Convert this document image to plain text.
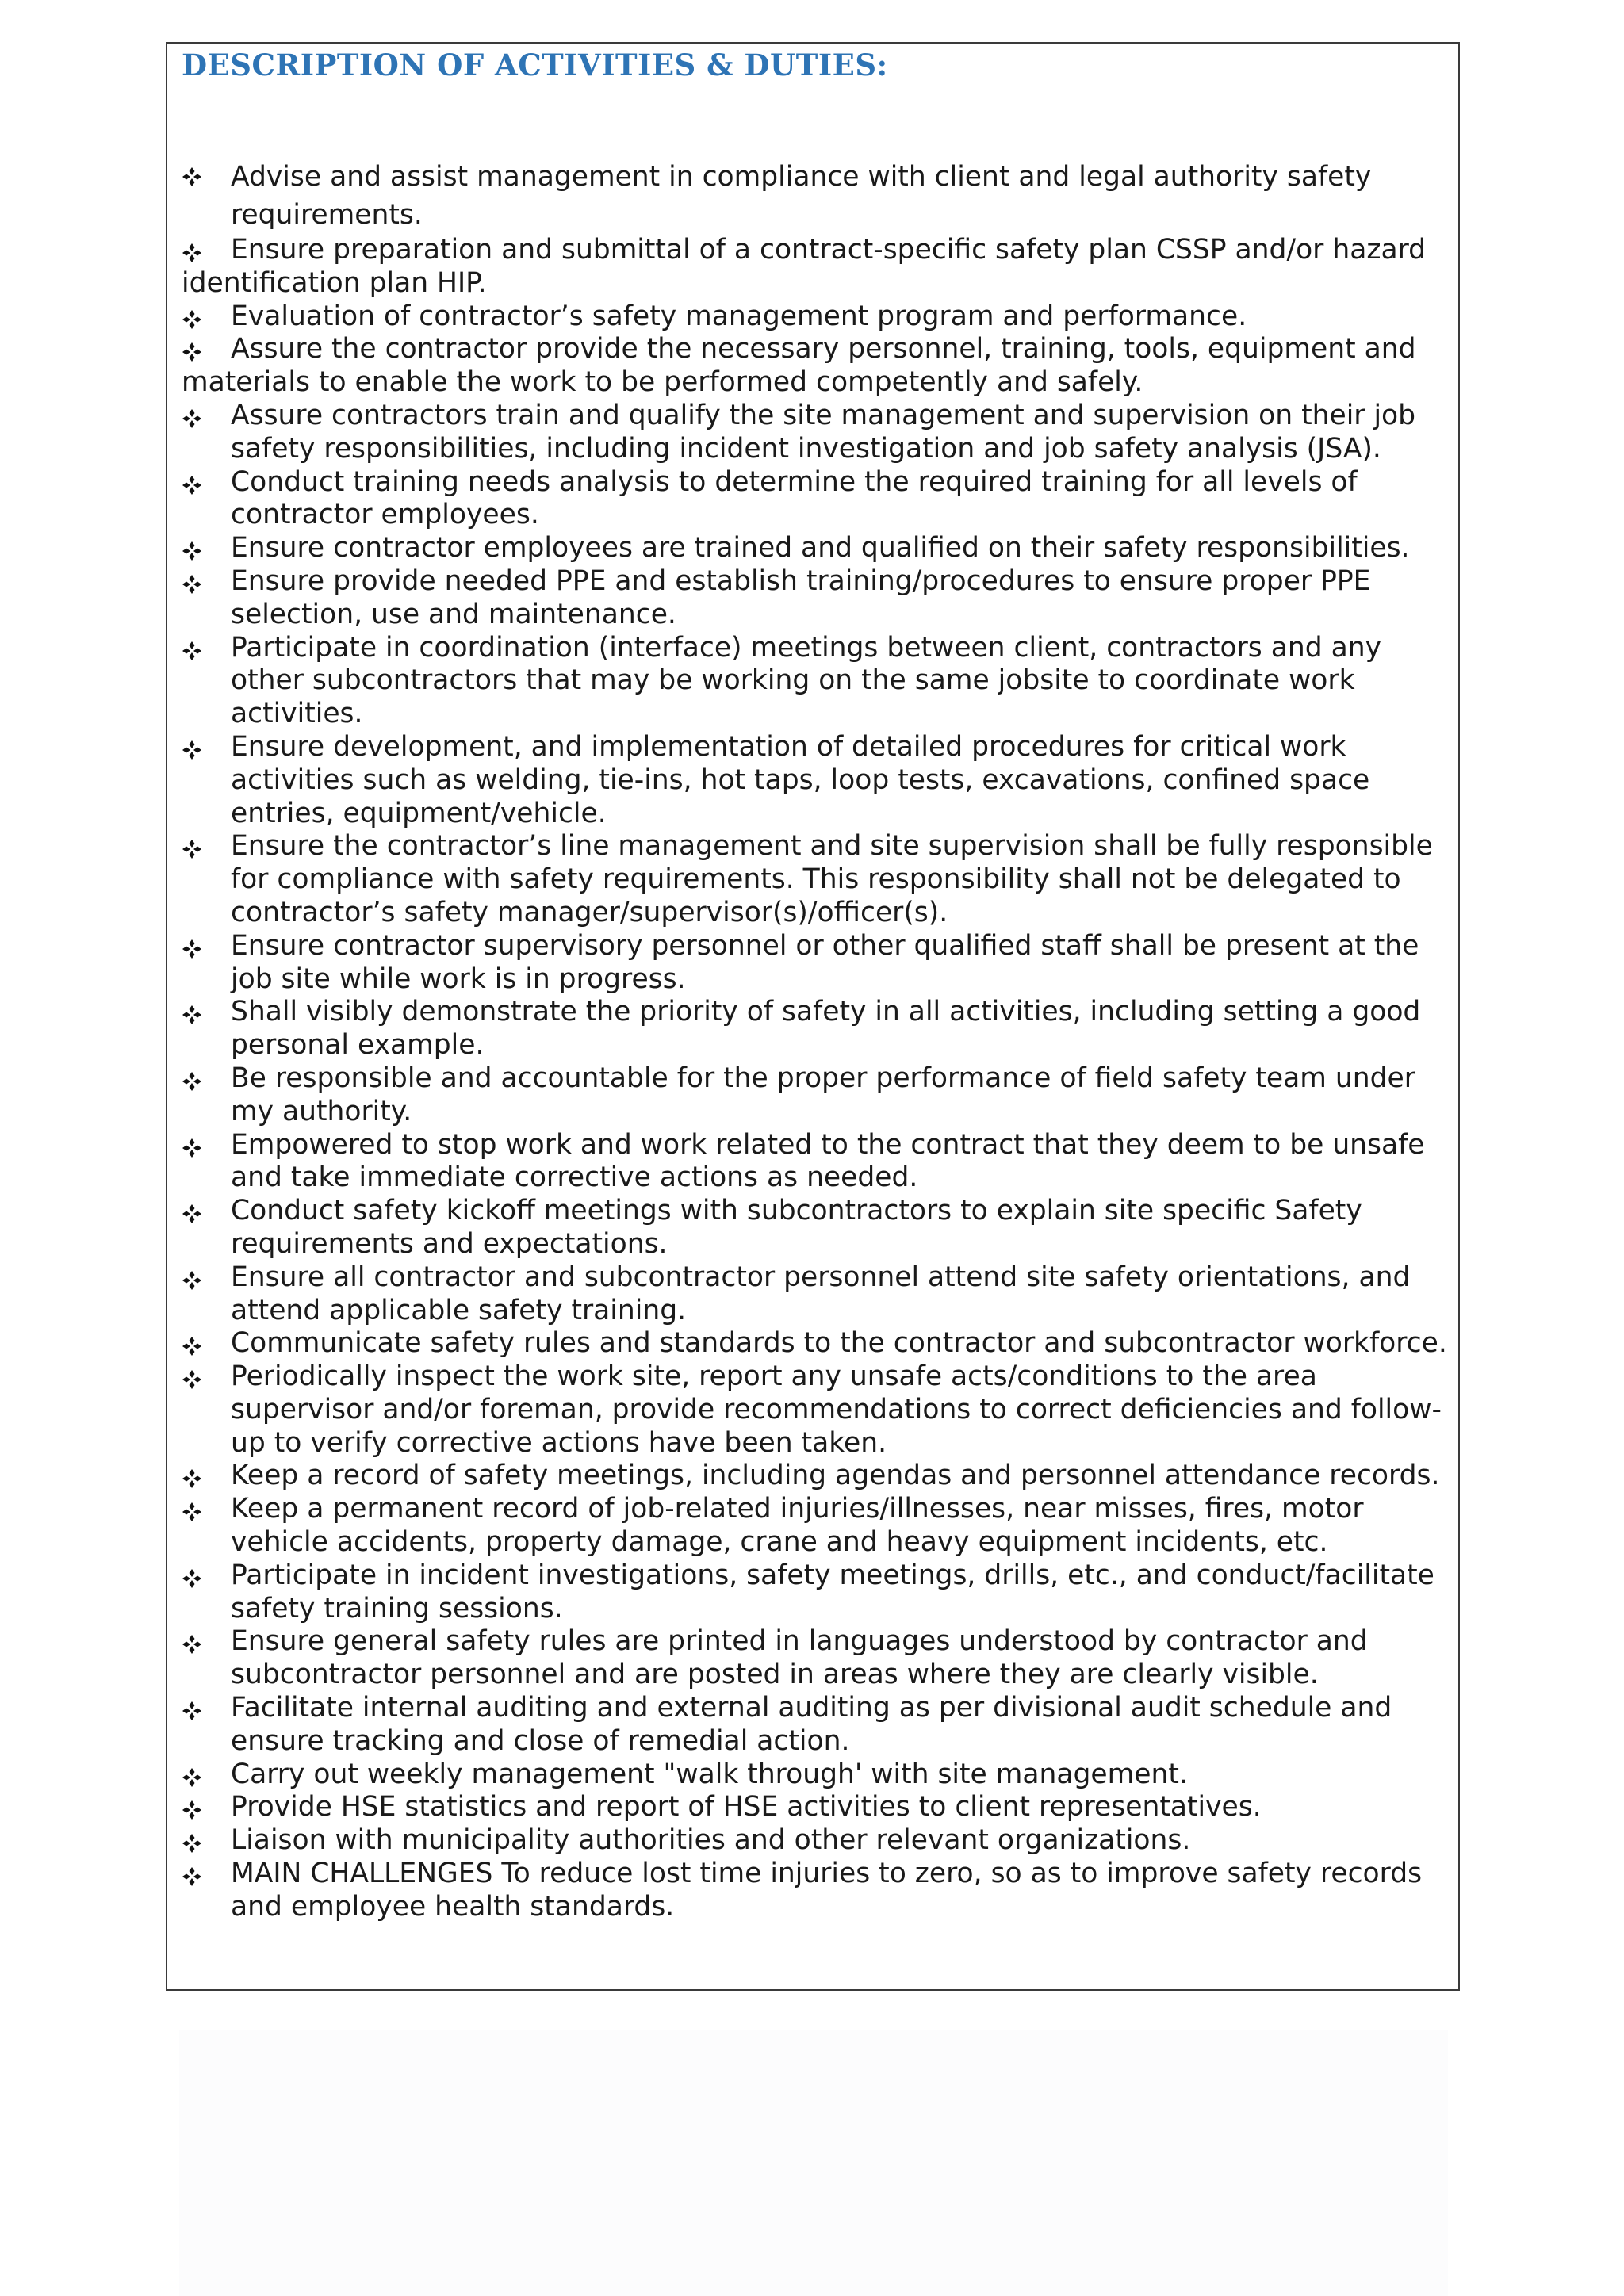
DESCRIPTION OF ACTIVITIES & DUTIES:
Advise and assist management in compliance with client and legal authority safety requirements.
Ensure preparation and submittal of a contract-specific safety plan CSSP and/or hazard identification plan HIP.
Evaluation of contractor’s safety management program and performance.
Assure the contractor provide the necessary personnel, training, tools, equipment and materials to enable the work to be performed competently and safely.
Assure contractors train and qualify the site management and supervision on their job safety responsibilities, including incident investigation and job safety analysis (JSA).
Conduct training needs analysis to determine the required training for all levels of contractor employees.
Ensure contractor employees are trained and qualified on their safety responsibilities.
Ensure provide needed PPE and establish training/procedures to ensure proper PPE selection, use and maintenance.
Participate in coordination (interface) meetings between client, contractors and any other subcontractors that may be working on the same jobsite to coordinate work activities.
Ensure development, and implementation of detailed procedures for critical work activities such as welding, tie-ins, hot taps, loop tests, excavations, confined space entries, equipment/vehicle.
Ensure the contractor’s line management and site supervision shall be fully responsible for compliance with safety requirements. This responsibility shall not be delegated to contractor’s safety manager/supervisor(s)/officer(s).
Ensure contractor supervisory personnel or other qualified staff shall be present at the job site while work is in progress.
Shall visibly demonstrate the priority of safety in all activities, including setting a good personal example.
Be responsible and accountable for the proper performance of field safety team under my authority.
Empowered to stop work and work related to the contract that they deem to be unsafe and take immediate corrective actions as needed.
Conduct safety kickoff meetings with subcontractors to explain site specific Safety requirements and expectations.
Ensure all contractor and subcontractor personnel attend site safety orientations, and attend applicable safety training.
Communicate safety rules and standards to the contractor and subcontractor workforce.
Periodically inspect the work site, report any unsafe acts/conditions to the area supervisor and/or foreman, provide recommendations to correct deficiencies and follow-up to verify corrective actions have been taken.
Keep a record of safety meetings, including agendas and personnel attendance records.
Keep a permanent record of job-related injuries/illnesses, near misses, fires, motor vehicle accidents, property damage, crane and heavy equipment incidents, etc.
Participate in incident investigations, safety meetings, drills, etc., and conduct/facilitate safety training sessions.
Ensure general safety rules are printed in languages understood by contractor and subcontractor personnel and are posted in areas where they are clearly visible.
Facilitate internal auditing and external auditing as per divisional audit schedule and ensure tracking and close of remedial action.
Carry out weekly management "walk through' with site management.
Provide HSE statistics and report of HSE activities to client representatives.
Liaison with municipality authorities and other relevant organizations.
MAIN CHALLENGES To reduce lost time injuries to zero, so as to improve safety records and employee health standards.
